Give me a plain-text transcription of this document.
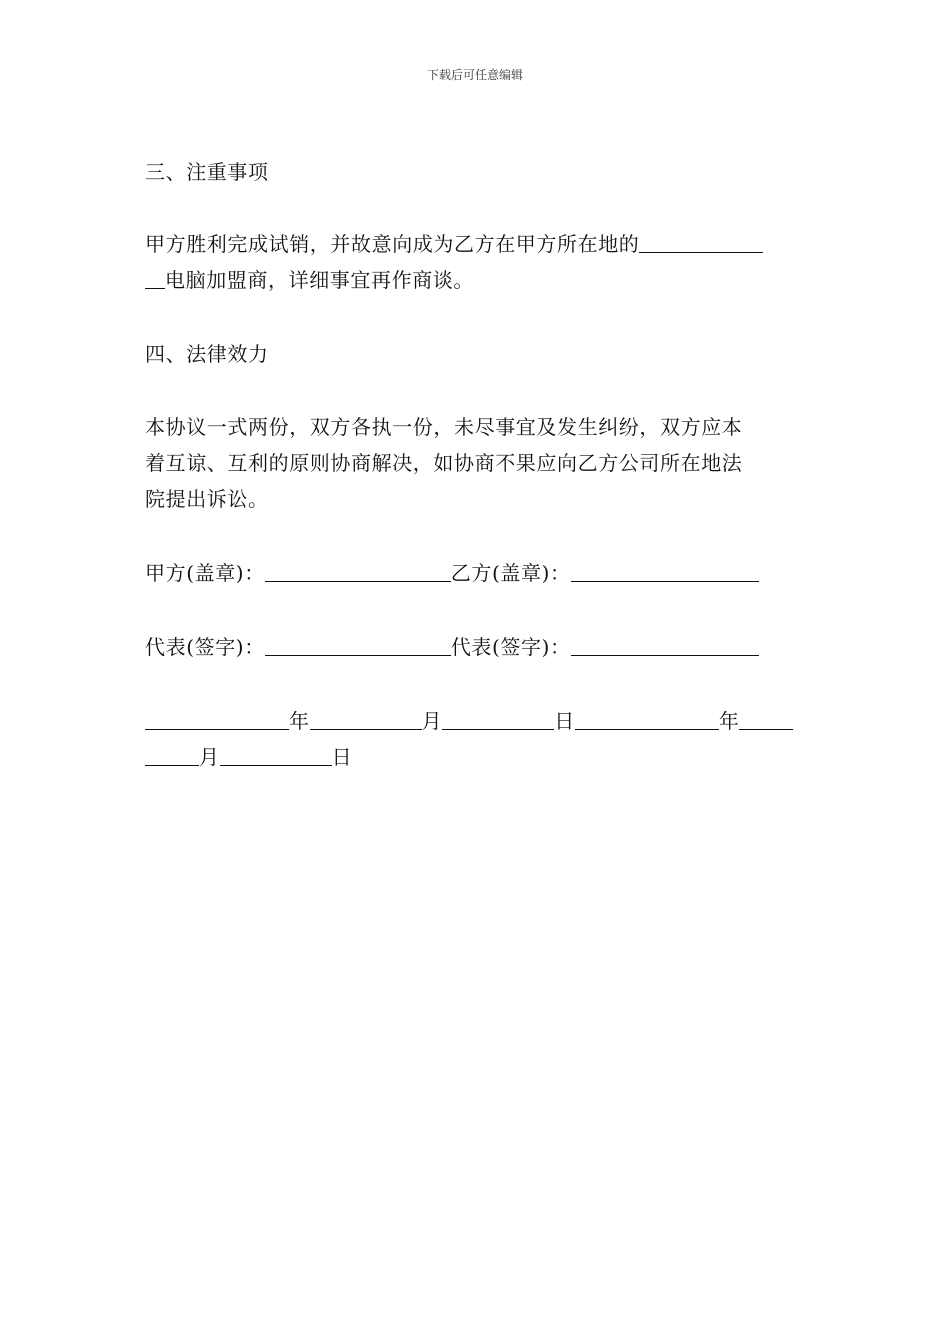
下载后可任意编辑
三、注重事项
甲方胜利完成试销，并故意向成为乙方在甲方所在地的
电脑加盟商，详细事宜再作商谈。
四、法律效力
本协议一式两份，双方各执一份，未尽事宜及发生纠纷，双方应本
着互谅、互利的原则协商解决，如协商不果应向乙方公司所在地法
院提出诉讼。
甲方(盖章)：	乙方(盖章)：
代表(签字)：	代表(签字)：
年	月	日	年
月	日
